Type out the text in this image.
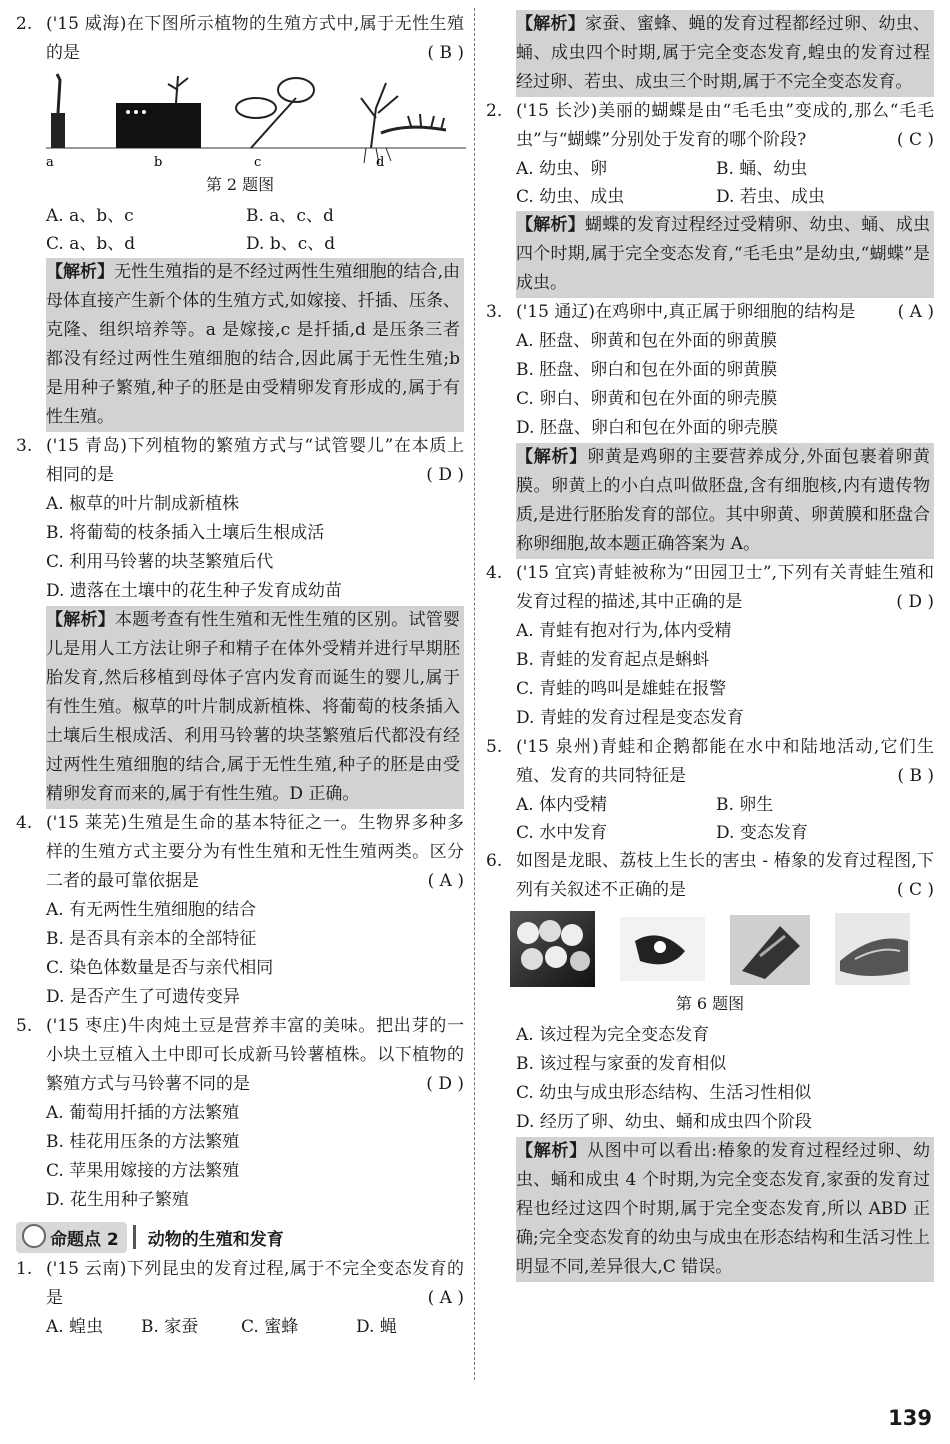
2. ('15 威海)在下图所示植物的生殖方式中,属于无性生殖的是	( B )
a	b	c	d
第 2 题图
A. a、b、c	B. a、c、d
C. a、b、d	D. b、c、d
【解析】无性生殖指的是不经过两性生殖细胞的结合,由母体直接产生新个体的生殖方式,如嫁接、扦插、压条、克隆、组织培养等。a 是嫁接,c 是扦插,d 是压条三者都没有经过两性生殖细胞的结合,因此属于无性生殖;b 是用种子繁殖,种子的胚是由受精卵发育形成的,属于有性生殖。
3. ('15 青岛)下列植物的繁殖方式与“试管婴儿”在本质上相同的是	( D )
A. 椒草的叶片制成新植株
B. 将葡萄的枝条插入土壤后生根成活
C. 利用马铃薯的块茎繁殖后代
D. 遗落在土壤中的花生种子发育成幼苗
【解析】本题考查有性生殖和无性生殖的区别。试管婴儿是用人工方法让卵子和精子在体外受精并进行早期胚胎发育,然后移植到母体子宫内发育而诞生的婴儿,属于有性生殖。椒草的叶片制成新植株、将葡萄的枝条插入土壤后生根成活、利用马铃薯的块茎繁殖后代都没有经过两性生殖细胞的结合,属于无性生殖,种子的胚是由受精卵发育而来的,属于有性生殖。D 正确。
4. ('15 莱芜)生殖是生命的基本特征之一。生物界多种多样的生殖方式主要分为有性生殖和无性生殖两类。区分二者的最可靠依据是	( A )
A. 有无两性生殖细胞的结合
B. 是否具有亲本的全部特征
C. 染色体数量是否与亲代相同
D. 是否产生了可遗传变异
5. ('15 枣庄)牛肉炖土豆是营养丰富的美味。把出芽的一小块土豆植入土中即可长成新马铃薯植株。以下植物的繁殖方式与马铃薯不同的是	( D )
A. 葡萄用扦插的方法繁殖
B. 桂花用压条的方法繁殖
C. 苹果用嫁接的方法繁殖
D. 花生用种子繁殖
命题点 2	动物的生殖和发育
1. ('15 云南)下列昆虫的发育过程,属于不完全变态发育的是	( A )
A. 蝗虫	B. 家蚕	C. 蜜蜂	D. 蝇
【解析】家蚕、蜜蜂、蝇的发育过程都经过卵、幼虫、蛹、成虫四个时期,属于完全变态发育,蝗虫的发育过程经过卵、若虫、成虫三个时期,属于不完全变态发育。
2. ('15 长沙)美丽的蝴蝶是由“毛毛虫”变成的,那么“毛毛虫”与“蝴蝶”分别处于发育的哪个阶段?	( C )
A. 幼虫、卵	B. 蛹、幼虫
C. 幼虫、成虫	D. 若虫、成虫
【解析】蝴蝶的发育过程经过受精卵、幼虫、蛹、成虫四个时期,属于完全变态发育,“毛毛虫”是幼虫,“蝴蝶”是成虫。
3. ('15 通辽)在鸡卵中,真正属于卵细胞的结构是 ( A )
A. 胚盘、卵黄和包在外面的卵黄膜
B. 胚盘、卵白和包在外面的卵黄膜
C. 卵白、卵黄和包在外面的卵壳膜
D. 胚盘、卵白和包在外面的卵壳膜
【解析】卵黄是鸡卵的主要营养成分,外面包裹着卵黄膜。卵黄上的小白点叫做胚盘,含有细胞核,内有遗传物质,是进行胚胎发育的部位。其中卵黄、卵黄膜和胚盘合称卵细胞,故本题正确答案为 A。
4. ('15 宜宾)青蛙被称为“田园卫士”,下列有关青蛙生殖和发育过程的描述,其中正确的是	( D )
A. 青蛙有抱对行为,体内受精
B. 青蛙的发育起点是蝌蚪
C. 青蛙的鸣叫是雄蛙在报警
D. 青蛙的发育过程是变态发育
5. ('15 泉州)青蛙和企鹅都能在水中和陆地活动,它们生殖、发育的共同特征是	( B )
A. 体内受精	B. 卵生
C. 水中发育	D. 变态发育
6. 如图是龙眼、荔枝上生长的害虫 - 椿象的发育过程图,下列有关叙述不正确的是	( C )
第 6 题图
A. 该过程为完全变态发育
B. 该过程与家蚕的发育相似
C. 幼虫与成虫形态结构、生活习性相似
D. 经历了卵、幼虫、蛹和成虫四个阶段
【解析】从图中可以看出:椿象的发育过程经过卵、幼虫、蛹和成虫 4 个时期,为完全变态发育,家蚕的发育过程也经过这四个时期,属于完全变态发育,所以 ABD 正确;完全变态发育的幼虫与成虫在形态结构和生活习性上明显不同,差异很大,C 错误。
139
